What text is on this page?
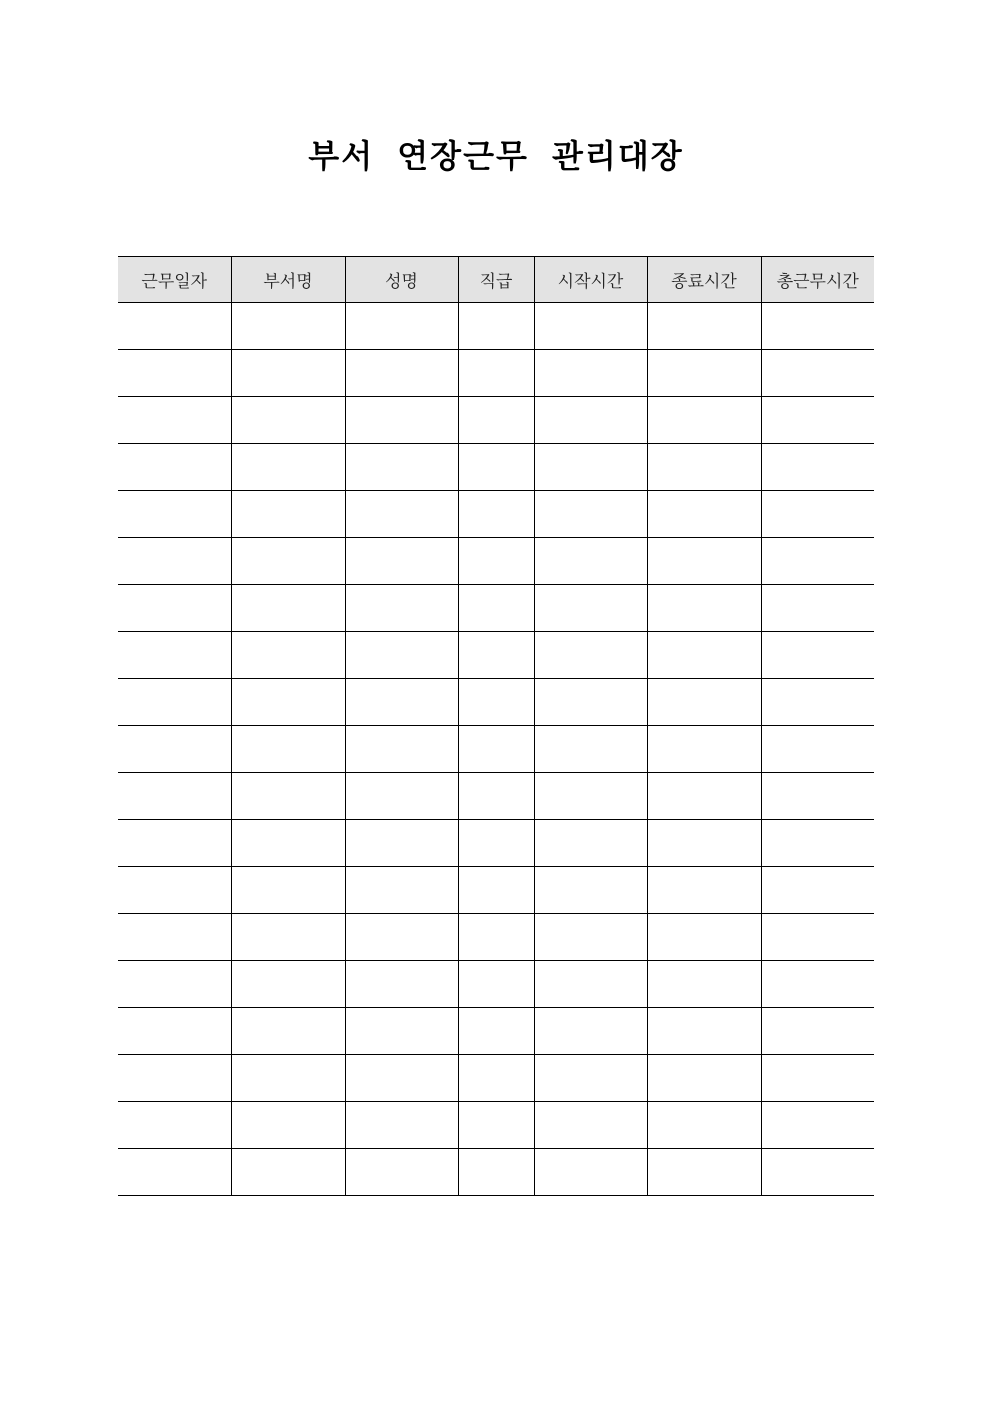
부서 연장근무 관리대장
근무일자	부서명	성명	직급	시작시간	종료시간	총근무시간
